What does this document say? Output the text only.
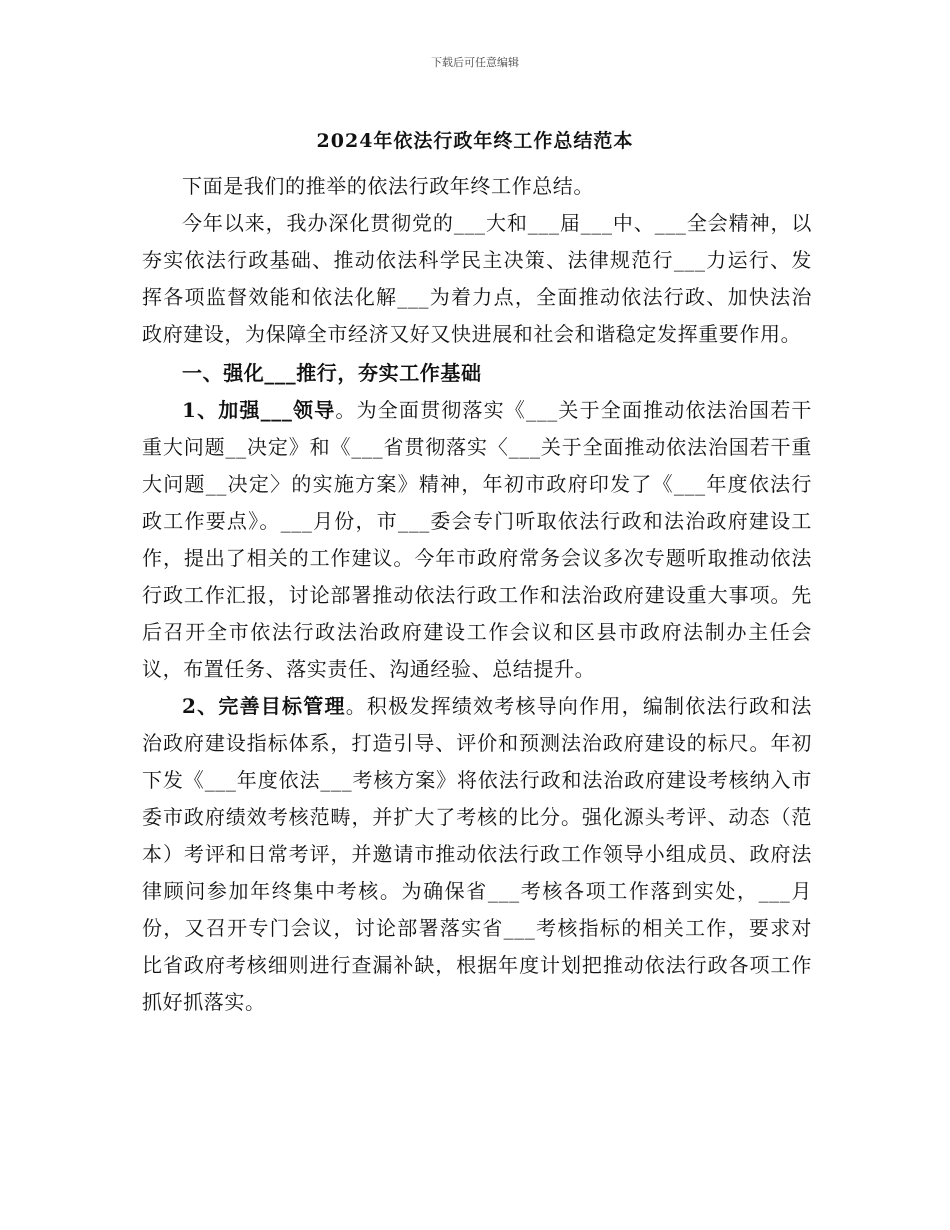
下载后可任意编辑
2024年依法行政年终工作总结范本

下面是我们的推举的依法行政年终工作总结。

今年以来，我办深化贯彻党的___大和___届___中、___全会精神，以夯实依法行政基础、推动依法科学民主决策、法律规范行___力运行、发挥各项监督效能和依法化解___为着力点，全面推动依法行政、加快法治政府建设，为保障全市经济又好又快进展和社会和谐稳定发挥重要作用。

一、强化___推行，夯实工作基础

1、加强___领导。为全面贯彻落实《___关于全面推动依法治国若干重大问题__决定》和《___省贯彻落实〈___关于全面推动依法治国若干重大问题__决定〉的实施方案》精神，年初市政府印发了《___年度依法行政工作要点》。___月份，市___委会专门听取依法行政和法治政府建设工作，提出了相关的工作建议。今年市政府常务会议多次专题听取推动依法行政工作汇报，讨论部署推动依法行政工作和法治政府建设重大事项。先后召开全市依法行政法治政府建设工作会议和区县市政府法制办主任会议，布置任务、落实责任、沟通经验、总结提升。

2、完善目标管理。积极发挥绩效考核导向作用，编制依法行政和法治政府建设指标体系，打造引导、评价和预测法治政府建设的标尺。年初下发《___年度依法___考核方案》将依法行政和法治政府建设考核纳入市委市政府绩效考核范畴，并扩大了考核的比分。强化源头考评、动态（范本）考评和日常考评，并邀请市推动依法行政工作领导小组成员、政府法律顾问参加年终集中考核。为确保省___考核各项工作落到实处，___月份，又召开专门会议，讨论部署落实省___考核指标的相关工作，要求对比省政府考核细则进行查漏补缺，根据年度计划把推动依法行政各项工作抓好抓落实。
